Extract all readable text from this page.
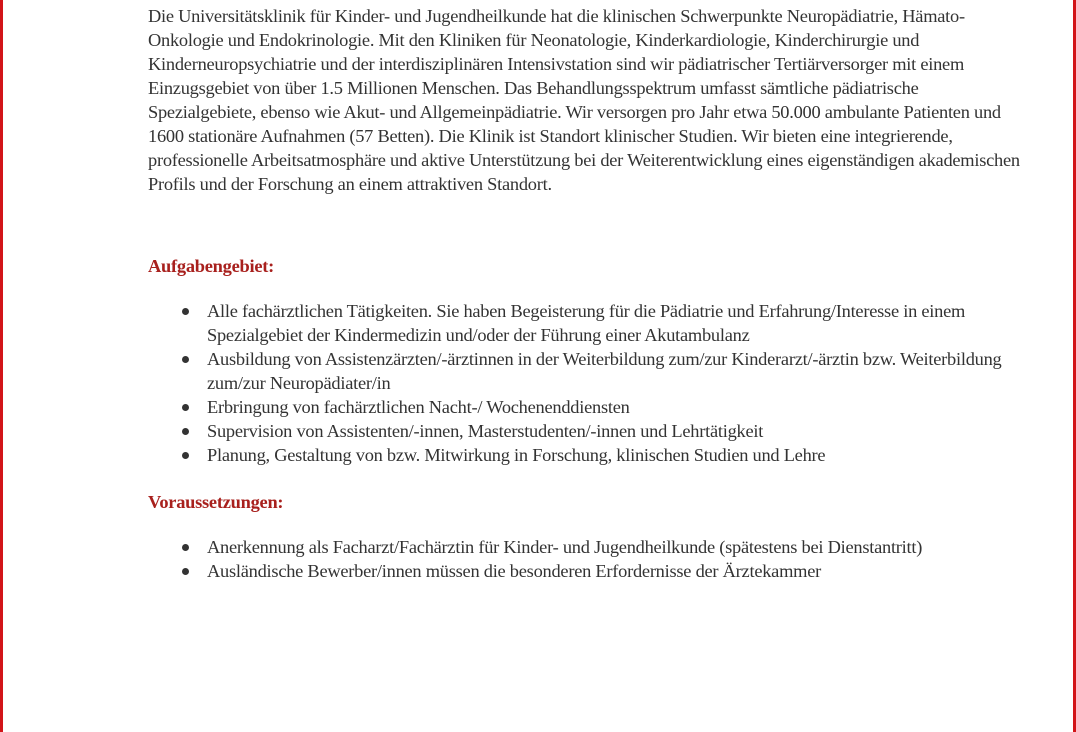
Die Universitätsklinik für Kinder- und Jugendheilkunde hat die klinischen Schwerpunkte Neuropädiatrie, Hämato-Onkologie und Endokrinologie. Mit den Kliniken für Neonatologie, Kinderkardiologie, Kinderchirurgie und Kinderneuropsychiatrie und der interdisziplinären Intensivstation sind wir pädiatrischer Tertiärversorger mit einem Einzugsgebiet von über 1.5 Millionen Menschen. Das Behandlungsspektrum umfasst sämtliche pädiatrische Spezialgebiete, ebenso wie Akut- und Allgemeinpädiatrie. Wir versorgen pro Jahr etwa 50.000 ambulante Patienten und 1600 stationäre Aufnahmen (57 Betten). Die Klinik ist Standort klinischer Studien. Wir bieten eine integrierende, professionelle Arbeitsatmosphäre und aktive Unterstützung bei der Weiterentwicklung eines eigenständigen akademischen Profils und der Forschung an einem attraktiven Standort.

Aufgabengebiet:
Alle fachärztlichen Tätigkeiten. Sie haben Begeisterung für die Pädiatrie und Erfahrung/Interesse in einem Spezialgebiet der Kindermedizin und/oder der Führung einer Akutambulanz
Ausbildung von Assistenzärzten/-ärztinnen in der Weiterbildung zum/zur Kinderarzt/-ärztin bzw. Weiterbildung zum/zur Neuropädiater/in
Erbringung von fachärztlichen Nacht-/ Wochenenddiensten
Supervision von Assistenten/-innen, Masterstudenten/-innen und Lehrtätigkeit
Planung, Gestaltung von bzw. Mitwirkung in Forschung, klinischen Studien und Lehre
Voraussetzungen:
Anerkennung als Facharzt/Fachärztin für Kinder- und Jugendheilkunde (spätestens bei Dienstantritt)
Ausländische Bewerber/innen müssen die besonderen Erfordernisse der Ärztekammer
